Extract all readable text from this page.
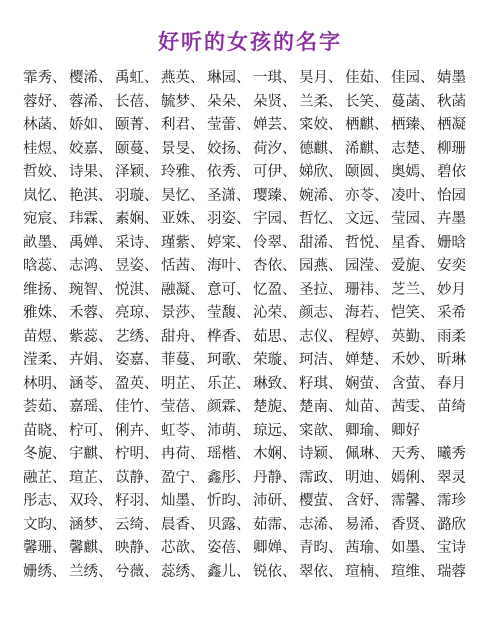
好听的女孩的名字
霏秀、 樱浠、 禹虹、 燕英、 琳园、 一琪、 昊月、 佳茹、 佳园、 婧墨
蓉妤、 蓉浠、 长蓓、 毓梦、 朵朵、 朵贤、 兰柔、 长笑、 蔓菡、 秋菡
林菡、 娇如、 颐菁、 利君、 莹蕾、 婵芸、 寀姣、 栖麒、 栖臻、 栖凝
桂煜、 姣嘉、 颐蔓、 景旻、 姣扬、 荷汐、 德麒、 浠麒、 志楚、 柳珊
哲姣、 诗果、 泽颖、 玲雅、 依秀、 可伊、 娣欣、 颐圆、 奥嫣、 碧依
岚忆、 艳淇、 羽璇、 昊忆、 圣潇、 璎臻、 婉浠、 亦苓、 凌叶、 怡园
宛宸、 玮霖、 素娴、 亚姝、 羽姿、 宇园、 哲忆、 文远、 莹园、 卉墨
畝墨、 禹婵、 采诗、 瑾紫、 婷寀、 伶翠、 甜浠、 哲悦、 星香、 姗晗
晗蕊、 志鸿、 昱姿、 恬茜、 海叶、 杏依、 园燕、 园滢、 爱旎、 安奕
维扬、 琬智、 悦淇、 融凝、 意可、 忆盈、 圣拉、 珊祎、 芝兰、 妙月
雅姝、 禾蓉、 亮琼、 景莎、 莹馥、 沁荣、 颜志、 海若、 恺笑、 采希
苗煜、 紫蕊、 艺绣、 甜舟、 桦香、 茹思、 志仪、 程婷、 英勤、 雨柔
滢柔、 卉娟、 姿嘉、 菲蔓、 珂歌、 荣璇、 珂洁、 婵楚、 禾妙、 昕琳
林明、 涵苓、 盈英、 明芷、 乐芷、 琳致、 籽琪、 娴萤、 含萤、 春月
荟茹、 嘉瑶、 佳竹、 莹蓓、 颜霖、 楚旎、 楚南、 灿苗、 茜雯、 苗绮
苗晓、 柠可、 俐卉、 虹苓、 沛萌、 琼远、 寀歆、 卿瑜、 卿好
冬旎、 宇麒、 柠明、 冉荷、 瑶楷、 木娴、 诗颖、 佩琳、 天秀、 曦秀
融芷、 瑄芷、 苡静、 盈宁、 鑫彤、 丹静、 霈政、 明迪、 嫣俐、 翠灵
彤志、 双玲、 籽羽、 灿墨、 忻昀、 沛研、 樱萤、 含妤、 霈馨、 霈珍
文昀、 涵梦、 云绮、 晨香、 贝露、 茹霈、 志浠、 易浠、 香贤、 潞欣
馨珊、 馨麒、 映静、 芯歆、 姿蓓、 卿婵、 青昀、 茜瑜、 如墨、 宝诗
姗绣、 兰绣、 兮薇、 蕊绣、 鑫儿、 锐依、 翠依、 瑄楠、 瑄维、 瑞蓉
